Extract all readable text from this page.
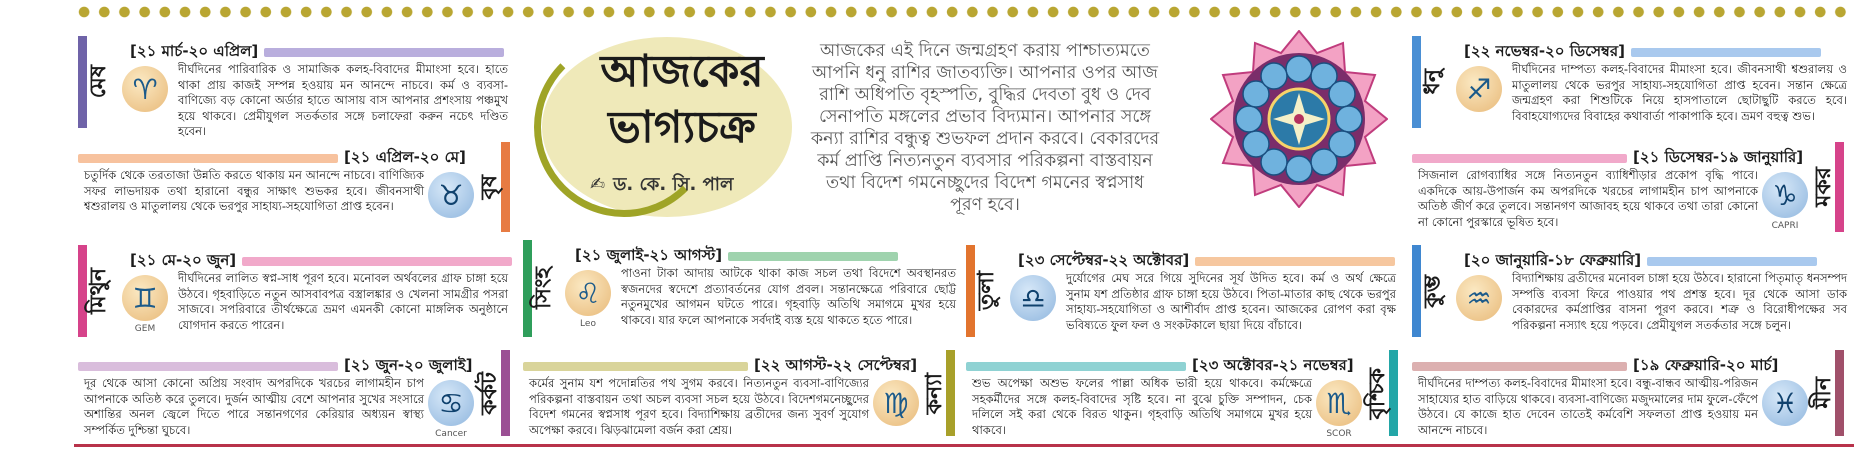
মেষ
[২১ মার্চ-২০ এপ্রিল]
♈
দীর্ঘদিনের পারিবারিক ও সামাজিক কলহ-বিবাদের মীমাংসা হবে। হাতে থাকা প্রায় কাজই সম্পন্ন হওয়ায় মন আনন্দে নাচবে। কর্ম ও ব্যবসা-বাণিজ্যে বড় কোনো অর্ডার হাতে আসায় বাস আপনার প্রশংসায় পঞ্চমুখ হয়ে থাকবে। প্রেমীযুগল সতর্কতার সঙ্গে চলাফেরা করুন নচেৎ দণ্ডিত হবেন।
[২১ এপ্রিল-২০ মে]
চতুর্দিক থেকে তরতাজা উন্নতি করতে থাকায় মন আনন্দে নাচবে। বাণিজ্যিক সফর লাভদায়ক তথা হারানো বন্ধুর সাক্ষাৎ শুভকর হবে। জীবনসাথী শ্বশুরালয় ও মাতুলালয় থেকে ভরপুর সাহায্য-সহযোগিতা প্রাপ্ত হবেন।	♉ বৃষ
মিথুন
[২১ মে-২০ জুন]
♊
GEM
দীর্ঘদিনের লালিত স্বপ্ন-সাধ পূরণ হবে। মনোবল অর্থবলের গ্রাফ চাঙ্গা হয়ে উঠবে। গৃহবাড়িতে নতুন আসবাবপত্র বস্ত্রালঙ্কার ও খেলনা সামগ্রীর পসরা সাজবে। সপরিবারে তীর্থক্ষেত্রে ভ্রমণ এমনকী কোনো মাঙ্গলিক অনুষ্ঠানে যোগদান করতে পারেন।
[২১ জুন-২০ জুলাই]
দূর থেকে আসা কোনো অপ্রিয় সংবাদ অপরদিকে খরচের লাগামহীন চাপ আপনাকে অতিষ্ঠ করে তুলবে। দুর্জন আত্মীয় বেশে আপনার সুখের সংসারে অশান্তির অনল জ্বেলে দিতে পারে সন্তানগণের কেরিয়ার অধ্যয়ন স্বাস্থ্য সম্পর্কিত দুশ্চিন্তা ঘুচবে।
♋
Cancer
কর্কট
আজকের ভাগ্যচক্র
✍ ড. কে. সি. পাল
আজকের এই দিনে জন্মগ্রহণ করায় পাশ্চাত্যমতে আপনি ধনু রাশির জাতব্যক্তি। আপনার ওপর আজ রাশি অধিপতি বৃহস্পতি, বুদ্ধির দেবতা বুধ ও দেব সেনাপতি মঙ্গলের প্রভাব বিদ্যমান। আপনার সঙ্গে কন্যা রাশির বন্ধুত্ব শুভফল প্রদান করবে। বেকারদের কর্ম প্রাপ্তি নিত্যনতুন ব্যবসার পরিকল্পনা বাস্তবায়ন তথা বিদেশ গমনেচ্ছুদের বিদেশ গমনের স্বপ্নসাধ পূরণ হবে।
সিংহ
[২১ জুলাই-২১ আগস্ট]
♌
Leo
পাওনা টাকা আদায় আটকে থাকা কাজ সচল তথা বিদেশে অবস্থানরত স্বজনদের স্বদেশে প্রত্যাবর্তনের যোগ প্রবল। সন্তানক্ষেত্রে পরিবারে ছোট্ট নতুনমুখের আগমন ঘটতে পারে। গৃহবাড়ি অতিথি সমাগমে মুখর হয়ে থাকবে। যার ফলে আপনাকে সর্বদাই ব্যস্ত হয়ে থাকতে হতে পারে।
[২২ আগস্ট-২২ সেপ্টেম্বর]
কর্মের সুনাম যশ পদোন্নতির পথ সুগম করবে। নিত্যনতুন ব্যবসা-বাণিজ্যের পরিকল্পনা বাস্তবায়ন তথা অচল ব্যবসা সচল হয়ে উঠবে। বিদেশগমনেচ্ছুদের বিদেশ গমনের স্বপ্নসাধ পূরণ হবে। বিদ্যাশিক্ষায় ব্রতীদের জন্য সুবর্ণ সুযোগ অপেক্ষা করবে। ঝিড়ঝামেলা বর্জন করা শ্রেয়।
♍ কন্যা
তুলা
[২৩ সেপ্টেম্বর-২২ অক্টোবর]
♎
দুর্যোগের মেঘ সরে গিয়ে সুদিনের সূর্য উদিত হবে। কর্ম ও অর্থ ক্ষেত্রে সুনাম যশ প্রতিষ্ঠার গ্রাফ চাঙ্গা হয়ে উঠবে। পিতা-মাতার কাছ থেকে ভরপুর সাহায্য-সহযোগিতা ও আশীর্বাদ প্রাপ্ত হবেন। আজকের রোপণ করা বৃক্ষ ভবিষ্যতে ফুল ফল ও সংকটকালে ছায়া দিয়ে বাঁচাবে।
[২৩ অক্টোবর-২১ নভেম্বর]
শুভ অপেক্ষা অশুভ ফলের পাল্লা অধিক ভারী হয়ে থাকবে। কর্মক্ষেত্রে সহকর্মীদের সঙ্গে কলহ-বিবাদের সৃষ্টি হবে। না বুঝে চুক্তি সম্পাদন, চেক দলিলে সই করা থেকে বিরত থাকুন। গৃহবাড়ি অতিথি সমাগমে মুখর হয়ে থাকবে।
♏
SCOR
বৃশ্চিক
ধনু
[২২ নভেম্বর-২০ ডিসেম্বর]
♐
দীর্ঘদিনের দাম্পত্য কলহ-বিবাদের মীমাংসা হবে। জীবনসাথী শ্বশুরালয় ও মাতুলালয় থেকে ভরপুর সাহায্য-সহযোগিতা প্রাপ্ত হবেন। সন্তান ক্ষেত্রে জন্মগ্রহণ করা শিশুটিকে নিয়ে হাসপাতালে ছোটাছুটি করতে হবে। বিবাহযোগ্যদের বিবাহের কথাবার্তা পাকাপাকি হবে। ভ্রমণ বহুত্ব শুভ।
[২১ ডিসেম্বর-১৯ জানুয়ারি]
সিজনাল রোগব্যাধির সঙ্গে নিত্যনতুন ব্যাধিশীড়ার প্রকোপ বৃদ্ধি পাবে। একদিকে আয়-উপার্জন কম অপরদিকে খরচের লাগামহীন চাপ আপনাকে অতিষ্ঠ জীর্ণ করে তুলবে। সন্তানগণ আজাবহ হয়ে থাকবে তথা তারা কোনো না কোনো পুরস্কারে ভূষিত হবে।
♑
CAPRI
মকর
কুম্ভ
[২০ জানুয়ারি-১৮ ফেব্রুয়ারি]
♒
বিদ্যাশিক্ষায় ব্রতীদের মনোবল চাঙ্গা হয়ে উঠবে। হারানো পিতৃমাতৃ ধনসম্পদ সম্পত্তি ব্যবসা ফিরে পাওয়ার পথ প্রশস্ত হবে। দূর থেকে আসা ডাক বেকারদের কর্মপ্রাপ্তির বাসনা পূরণ করবে। শত্রু ও বিরোধীপক্ষের সব পরিকল্পনা নস্যাৎ হয়ে পড়বে। প্রেমীযুগল সতর্কতার সঙ্গে চলুন।
[১৯ ফেব্রুয়ারি-২০ মার্চ]
দীর্ঘদিনের দাম্পত্য কলহ-বিবাদের মীমাংসা হবে। বন্ধু-বান্ধব আত্মীয়-পরিজন সাহায্যের হাত বাড়িয়ে থাকবে। ব্যবসা-বাণিজ্যে মজুদমালের দাম ফুলে-ফেঁপে উঠবে। যে কাজে হাত দেবেন তাতেই কর্মবেশি সফলতা প্রাপ্ত হওয়ায় মন আনন্দে নাচবে।
♓ মীন
